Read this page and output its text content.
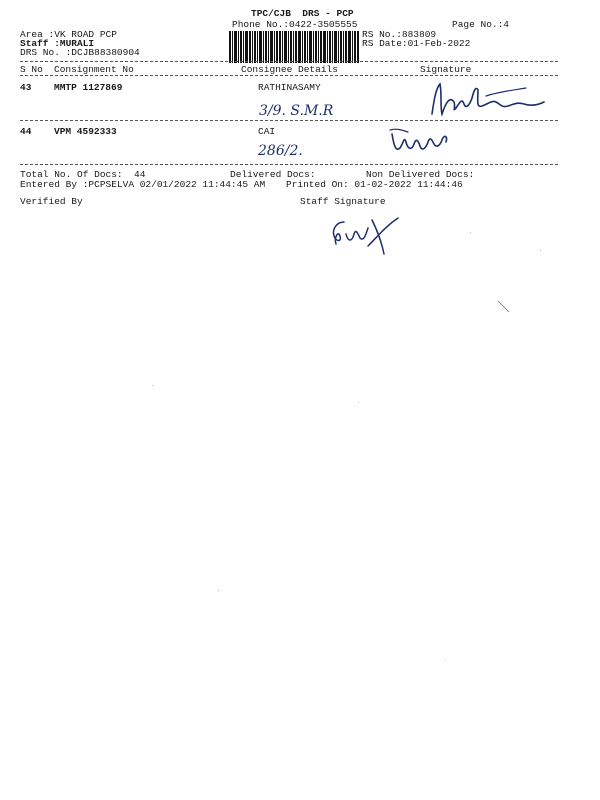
TPC/CJB  DRS - PCP
Phone No.:0422-3505555	Page No.:4
Area :VK ROAD PCP
Staff :MURALI
DRS No. :DCJB88380904
RS No.:883809
RS Date:01-Feb-2022
S No Consignment No	Consignee Details	Signature
43 MMTP 1127869	RATHINASAMY
3/9. S.M.R
44 VPM 4592333	CAI
286/2.
Total No. Of Docs:  44	Delivered Docs:	Non Delivered Docs:
Entered By :PCPSELVA 02/01/2022 11:44:45 AM Printed On: 01-02-2022 11:44:46
Verified By	Staff Signature
